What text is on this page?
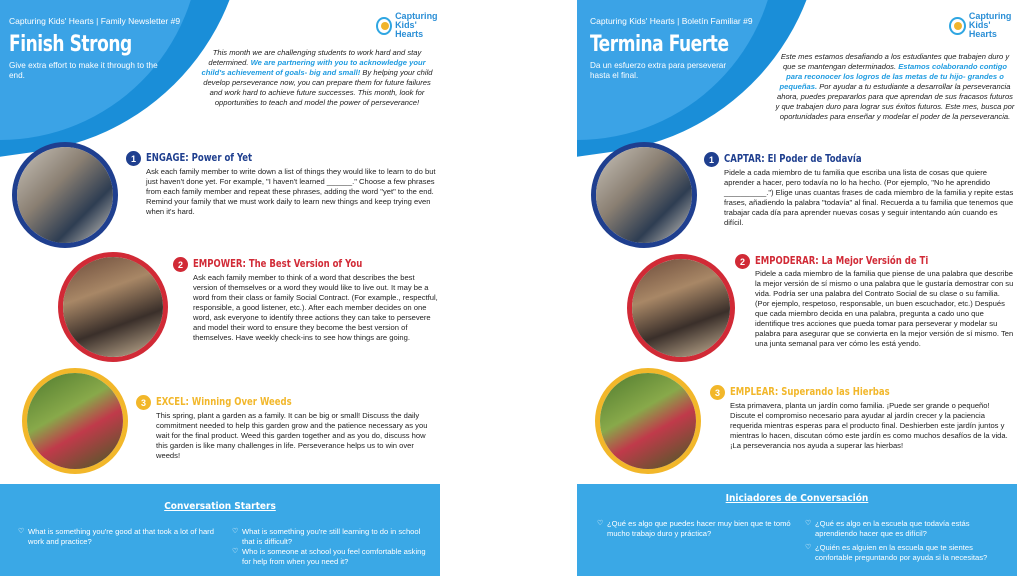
Capturing Kids' Hearts | Family Newsletter #9
Finish Strong
Give extra effort to make it through to the end.
Capturing
Kids' Hearts
This month we are challenging students to work hard and stay determined. We are partnering with you to acknowledge your child's achievement of goals- big and small! By helping your child develop perseverance now, you can prepare them for future failures and work hard to achieve future successes. This month, look for opportunities to teach and model the power of perseverance!
1 ENGAGE: Power of Yet
Ask each family member to write down a list of things they would like to learn to do but just haven't done yet. For example, "I haven't learned ______." Choose a few phrases from each family member and repeat these phrases, adding the word "yet" to the end. Remind your family that we must work daily to learn new things and keep trying even when it's hard.
2 EMPOWER: The Best Version of You
Ask each family member to think of a word that describes the best version of themselves or a word they would like to live out. It may be a word from their class or family Social Contract. (For example., respectful, responsible, a good listener, etc.). After each member decides on one word, ask everyone to identify three actions they can take to persevere and model their word to ensure they become the best version of themselves. Have weekly check-ins to see how things are going.
3 EXCEL: Winning Over Weeds
This spring, plant a garden as a family. It can be big or small! Discuss the daily commitment needed to help this garden grow and the patience necessary as you wait for the final product. Weed this garden together and as you do, discuss how this garden is like many challenges in life. Perseverance helps us to win over weeds!
Conversation Starters
♡ What is something you're good at that took a lot of hard work and practice?
♡ What is something you're still learning to do in school that is difficult?
♡ Who is someone at school you feel comfortable asking for help from when you need it?
Capturing Kids' Hearts | Boletín Familiar #9
Termina Fuerte
Da un esfuerzo extra para perseverar hasta el final.
Capturing
Kids' Hearts
Este mes estamos desafiando a los estudiantes que trabajen duro y que se mantengan determinados. Estamos colaborando contigo para reconocer los logros de las metas de tu hijo- grandes o pequeñas. Por ayudar a tu estudiante a desarrollar la perseverancia ahora, puedes prepararlos para que aprendan de sus fracasos futuros y que trabajen duro para lograr sus éxitos futuros. Este mes, busca por oportunidades para enseñar y modelar el poder de la perseverancia.
1 CAPTAR: El Poder de Todavía
Pidele a cada miembro de tu familia que escriba una lista de cosas que quiere aprender a hacer, pero todavía no lo ha hecho. (Por ejemplo, "No he aprendido __________.") Elige unas cuantas frases de cada miembro de la familia y repite estas frases, añadiendo la palabra "todavía" al final. Recuerda a tu familia que tenemos que trabajar cada día para aprender nuevas cosas y seguir intentando aún cuando es difícil.
2 EMPODERAR: La Mejor Versión de Ti
Pidele a cada miembro de la familia que piense de una palabra que describe la mejor versión de sí mismo o una palabra que le gustaría demostrar con su vida. Podría ser una palabra del Contrato Social de su clase o su familia. (Por ejemplo, respetoso, responsable, un buen escuchador, etc.) Después que cada miembro decida en una palabra, pregunta a cado uno que identifique tres acciones que pueda tomar para perseverar y modelar su palabra para asegurar que se convierta en la mejor versión de sí mismo. Ten una junta semanal para ver cómo les está yendo.
3 EMPLEAR: Superando las Hierbas
Esta primavera, planta un jardín como familia. ¡Puede ser grande o pequeño! Discute el compromiso necesario para ayudar al jardín crecer y la paciencia requerida mientras esperas para el producto final. Deshierben este jardín juntos y mientras lo hacen, discutan cómo este jardín es como muchos desafíos de la vida. ¡La perseverancia nos ayuda a superar las hierbas!
Iniciadores de Conversación
♡ ¿Qué es algo que puedes hacer muy bien que te tomó mucho trabajo duro y práctica?
♡ ¿Qué es algo en la escuela que todavía estás aprendiendo hacer que es difícil?
♡ ¿Quién es alguien en la escuela que te sientes confortable preguntando por ayuda si la necesitas?
